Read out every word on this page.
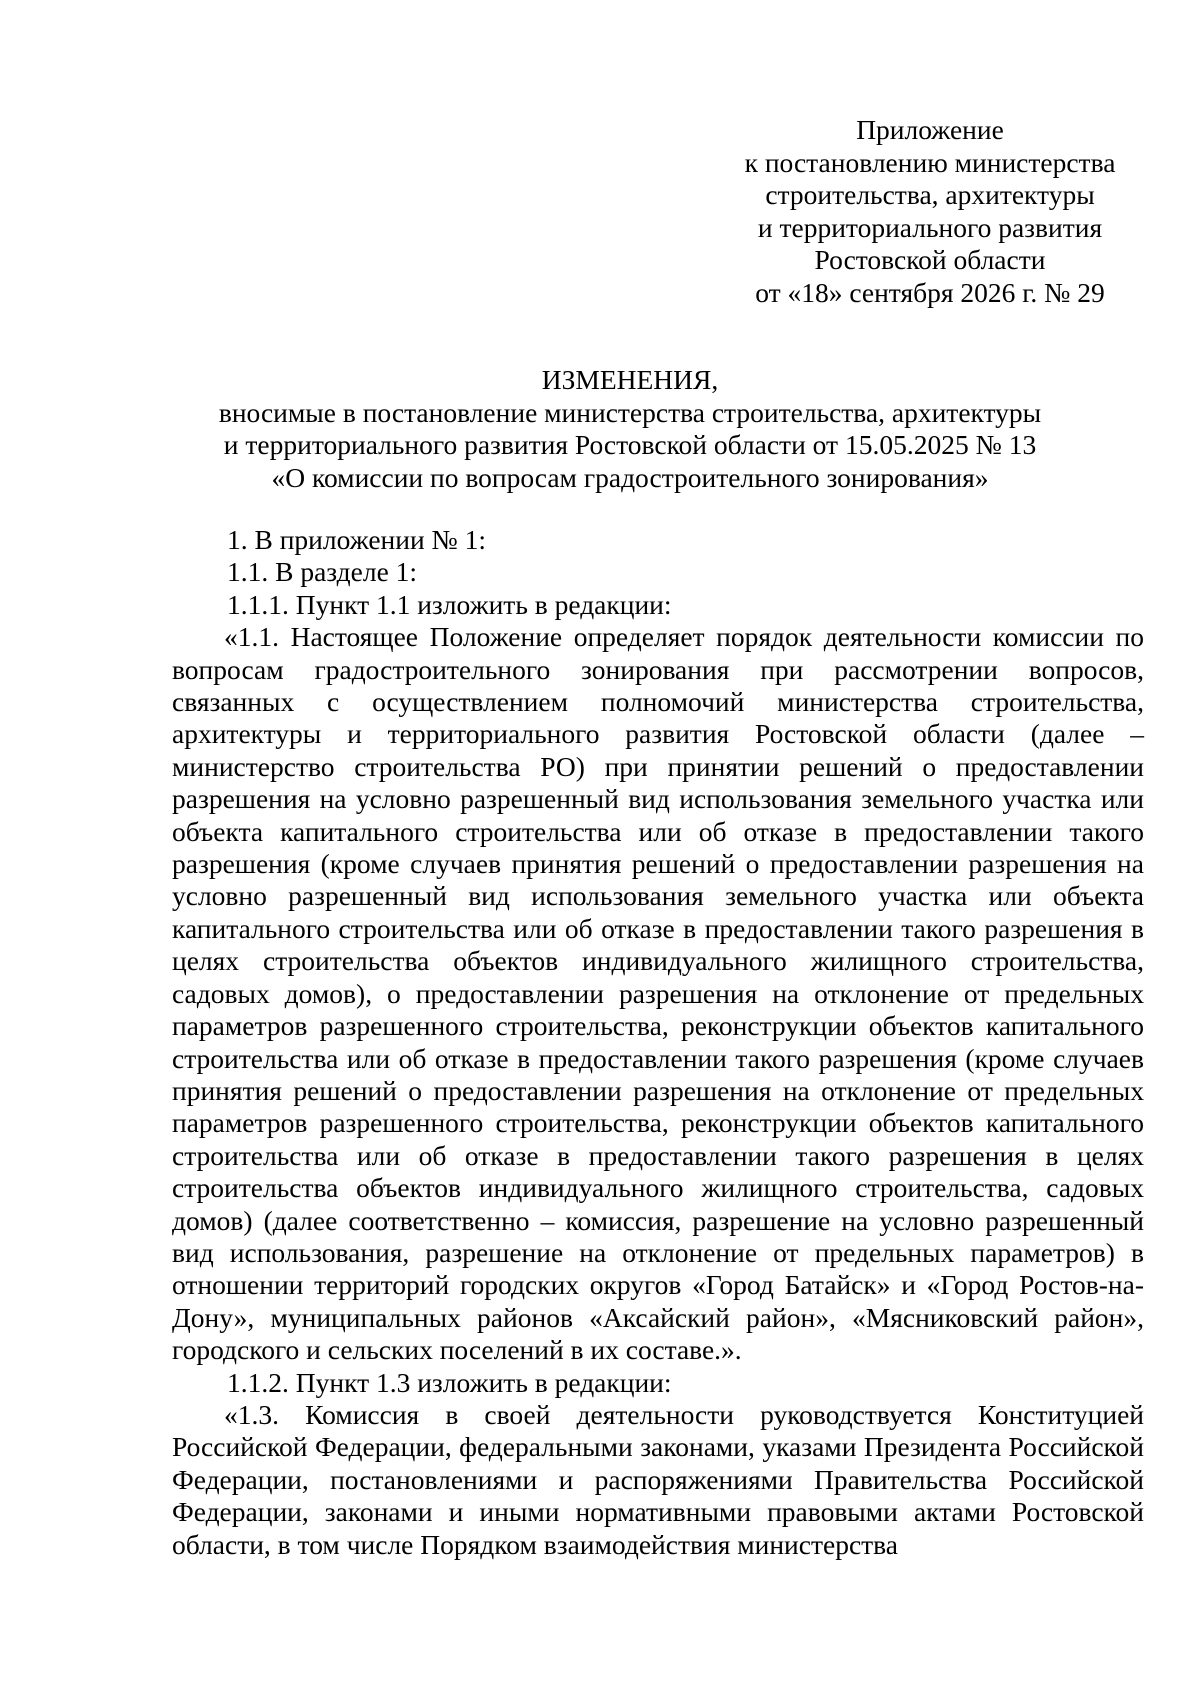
Приложение
к постановлению министерства
строительства, архитектуры
и территориального развития
Ростовской области
от «18» сентября 2026 г. № 29
ИЗМЕНЕНИЯ,
вносимые в постановление министерства строительства, архитектуры
и территориального развития Ростовской области от 15.05.2025 № 13
«О комиссии по вопросам градостроительного зонирования»

1. В приложении № 1:

1.1. В разделе 1:

1.1.1. Пункт 1.1 изложить в редакции:

«1.1. Настоящее Положение определяет порядок деятельности комиссии по вопросам градостроительного зонирования при рассмотрении вопросов, связанных с осуществлением полномочий министерства строительства, архитектуры и территориального развития Ростовской области (далее – министерство строительства РО) при принятии решений о предоставлении разрешения на условно разрешенный вид использования земельного участка или объекта капитального строительства или об отказе в предоставлении такого разрешения (кроме случаев принятия решений о предоставлении разрешения на условно разрешенный вид использования земельного участка или объекта капитального строительства или об отказе в предоставлении такого разрешения в целях строительства объектов индивидуального жилищного строительства, садовых домов), о предоставлении разрешения на отклонение от предельных параметров разрешенного строительства, реконструкции объектов капитального строительства или об отказе в предоставлении такого разрешения (кроме случаев принятия решений о предоставлении разрешения на отклонение от предельных параметров разрешенного строительства, реконструкции объектов капитального строительства или об отказе в предоставлении такого разрешения в целях строительства объектов индивидуального жилищного строительства, садовых домов) (далее соответственно – комиссия, разрешение на условно разрешенный вид использования, разрешение на отклонение от предельных параметров) в отношении территорий городских округов «Город Батайск» и «Город Ростов-на-Дону», муниципальных районов «Аксайский район», «Мясниковский район», городского и сельских поселений в их составе.».

1.1.2. Пункт 1.3 изложить в редакции:

«1.3. Комиссия в своей деятельности руководствуется Конституцией Российской Федерации, федеральными законами, указами Президента Российской Федерации, постановлениями и распоряжениями Правительства Российской Федерации, законами и иными нормативными правовыми актами Ростовской области, в том числе Порядком взаимодействия министерства
